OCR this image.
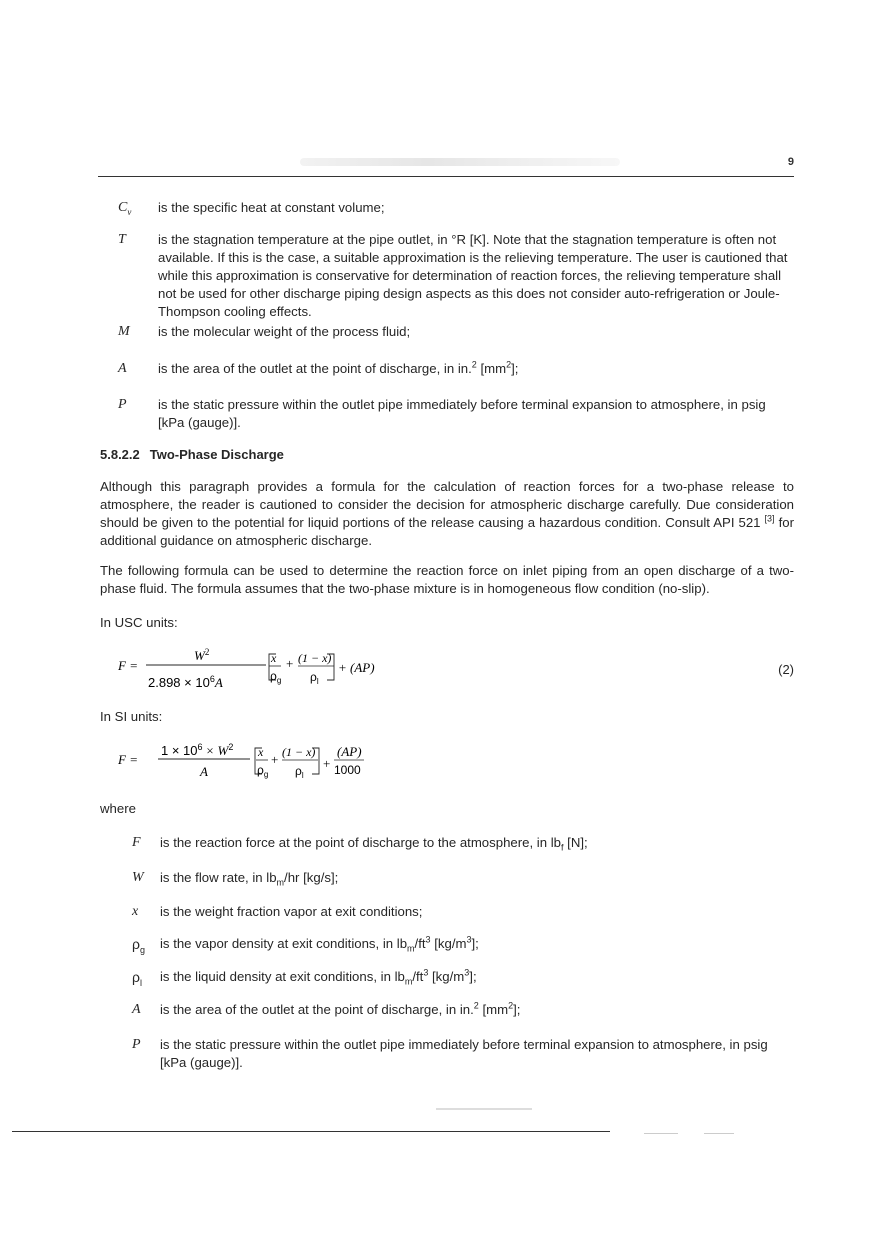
9
$C_v$	is the specific heat at constant volume;
T	is the stagnation temperature at the pipe outlet, in °R [K]. Note that the stagnation temperature is often not available. If this is the case, a suitable approximation is the relieving temperature. The user is cautioned that while this approximation is conservative for determination of reaction forces, the relieving temperature shall not be used for other discharge piping design aspects as this does not consider auto-refrigeration or Joule-Thompson cooling effects.
M	is the molecular weight of the process fluid;
A	is the area of the outlet at the point of discharge, in in.$^2$ $[mm^2]$;
P	is the static pressure within the outlet pipe immediately before terminal expansion to atmosphere, in psig [kPa (gauge)].
5.8.2.2 Two-Phase Discharge

Although this paragraph provides a formula for the calculation of reaction forces for a two-phase release to atmosphere, the reader is cautioned to consider the decision for atmospheric discharge carefully. Due consideration should be given to the potential for liquid portions of the release causing a hazardous condition. Consult API 521 [3] for additional guidance on atmospheric discharge.

The following formula can be used to determine the reaction force on inlet piping from an open discharge of a two-phase fluid. The formula assumes that the two-phase mixture is in homogeneous flow condition (no-slip).

In USC units:
F =
$W^2$
$2.898 \times 10^6A$
x
$\rho_g$
+ (1 − x)
$\rho_l$
+ (AP)	(2)
In SI units:
F =
$1 \times 10^6 \times W^2$
A
x
$\rho_g$
+ (1 − x)
$\rho_l$
+
(AP)
1000
where
F	is the reaction force at the point of discharge to the atmosphere, in $lb_f$ [N];
W	is the flow rate, in $lb_m/hr$ [kg/s];
x	is the weight fraction vapor at exit conditions;
$\rho_g$	is the vapor density at exit conditions, in $lb_m/ft^3$ $[kg/m^3]$;
$\rho_l$	is the liquid density at exit conditions, in $lb_m/ft^3$ $[kg/m^3]$;
A	is the area of the outlet at the point of discharge, in in.$^2$ $[mm^2]$;
P	is the static pressure within the outlet pipe immediately before terminal expansion to atmosphere, in psig [kPa (gauge)].
